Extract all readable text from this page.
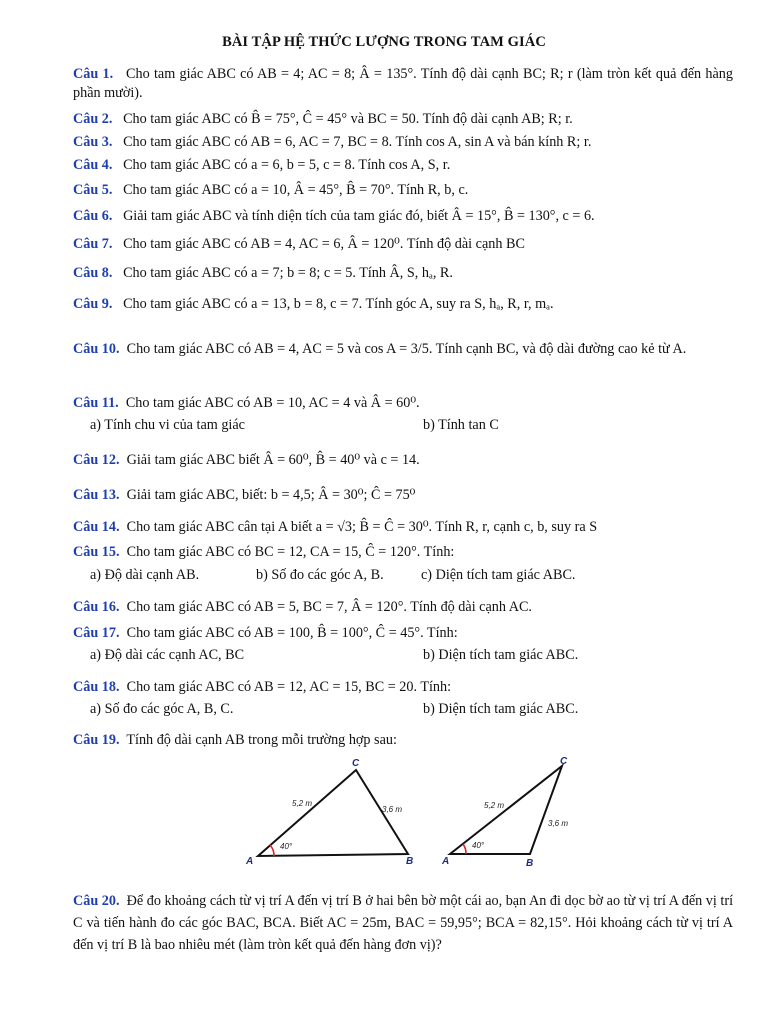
BÀI TẬP HỆ THỨC LƯỢNG TRONG TAM GIÁC
Câu 1. Cho tam giác ABC có AB = 4; AC = 8; Â = 135°. Tính độ dài cạnh BC; R; r (làm tròn kết quả đến hàng phần mười).
Câu 2. Cho tam giác ABC có B̂ = 75°, Ĉ = 45° và BC = 50. Tính độ dài cạnh AB; R; r.
Câu 3. Cho tam giác ABC có AB = 6, AC = 7, BC = 8. Tính cos A, sin A và bán kính R; r.
Câu 4. Cho tam giác ABC có a = 6, b = 5, c = 8. Tính cos A, S, r.
Câu 5. Cho tam giác ABC có a = 10, Â = 45°, B̂ = 70°. Tính R, b, c.
Câu 6. Giải tam giác ABC và tính diện tích của tam giác đó, biết Â = 15°, B̂ = 130°, c = 6.
Câu 7. Cho tam giác ABC có AB = 4, AC = 6, Â = 120⁰. Tính độ dài cạnh BC
Câu 8. Cho tam giác ABC có a = 7; b = 8; c = 5. Tính Â, S, hₐ, R.
Câu 9. Cho tam giác ABC có a = 13, b = 8, c = 7. Tính góc A, suy ra S, hₐ, R, r, mₐ.
Câu 10. Cho tam giác ABC có AB = 4, AC = 5 và cos A = 3/5. Tính cạnh BC, và độ dài đường cao kẻ từ A.
Câu 11. Cho tam giác ABC có AB = 10, AC = 4 và Â = 60⁰.
a) Tính chu vi của tam giác	b) Tính tan C
Câu 12. Giải tam giác ABC biết Â = 60⁰, B̂ = 40⁰ và c = 14.
Câu 13. Giải tam giác ABC, biết: b = 4,5; Â = 30⁰; Ĉ = 75⁰
Câu 14. Cho tam giác ABC cân tại A biết a = √3; B̂ = Ĉ = 30⁰. Tính R, r, cạnh c, b, suy ra S
Câu 15. Cho tam giác ABC có BC = 12, CA = 15, Ĉ = 120°. Tính:
a) Độ dài cạnh AB.	b) Số đo các góc A, B.	c) Diện tích tam giác ABC.
Câu 16. Cho tam giác ABC có AB = 5, BC = 7, Â = 120°. Tính độ dài cạnh AC.
Câu 17. Cho tam giác ABC có AB = 100, B̂ = 100°, Ĉ = 45°. Tính:
a) Độ dài các cạnh AC, BC	b) Diện tích tam giác ABC.
Câu 18. Cho tam giác ABC có AB = 12, AC = 15, BC = 20. Tính:
a) Số đo các góc A, B, C.	b) Diện tích tam giác ABC.
Câu 19. Tính độ dài cạnh AB trong mỗi trường hợp sau:
A	B
C
5,2 m
3,6 m
40°
A	B
C
5,2 m
3,6 m
40°
Câu 20. Để đo khoảng cách từ vị trí A đến vị trí B ở hai bên bờ một cái ao, bạn An đi dọc bờ ao từ vị trí A đến vị trí C và tiến hành đo các góc BAC, BCA. Biết AC = 25m, BAC = 59,95°; BCA = 82,15°. Hỏi khoảng cách từ vị trí A đến vị trí B là bao nhiêu mét (làm tròn kết quả đến hàng đơn vị)?
